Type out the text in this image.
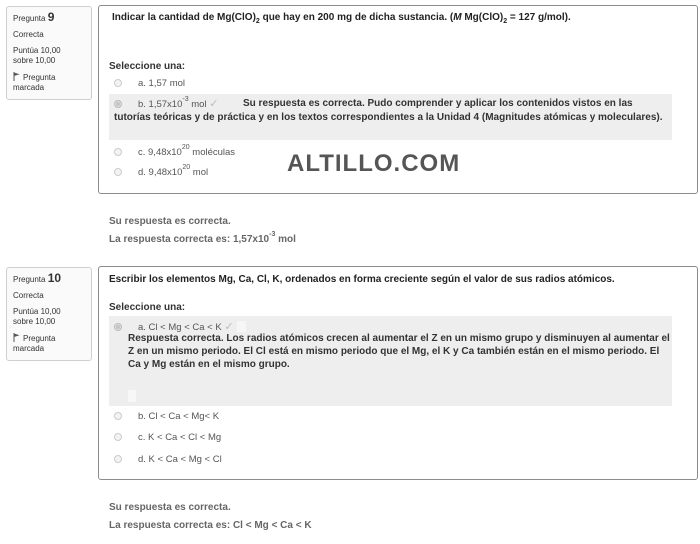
Pregunta 9
Correcta
Puntúa 10,00
sobre 10,00
Pregunta
marcada
Indicar la cantidad de $Mg(ClO)_2$ que hay en 200 mg de dicha sustancia. (M $Mg(ClO)_2 = 127$ g/mol).
Seleccione una:
a. 1,57 mol
b. $1,57x10^{-3}$ mol ✓	Su respuesta es correcta. Pudo comprender y aplicar los contenidos vistos en las tutorías teóricas y de práctica y en los textos correspondientes a la Unidad 4 (Magnitudes atómicas y moleculares).
c. $9,48x10^{20}$ moléculas
d. $9,48x10^{20}$ mol	ALTILLO.COM
Su respuesta es correcta.
La respuesta correcta es: $1,57x10^{-3}$ mol
Pregunta 10
Correcta
Puntúa 10,00
sobre 10,00
Pregunta
marcada
Escribir los elementos Mg, Ca, Cl, K, ordenados en forma creciente según el valor de sus radios atómicos.
Seleccione una:
a. Cl < Mg < Ca < K ✓
Respuesta correcta. Los radios atómicos crecen al aumentar el Z en un mismo grupo y disminuyen al aumentar el Z en un mismo periodo. El Cl está en mismo periodo que el Mg, el K y Ca también están en el mismo periodo. El Ca y Mg están en el mismo grupo.
b. Cl < Ca < Mg< K
c. K < Ca < Cl < Mg
d. K < Ca < Mg < Cl
Su respuesta es correcta.
La respuesta correcta es: Cl < Mg < Ca < K
